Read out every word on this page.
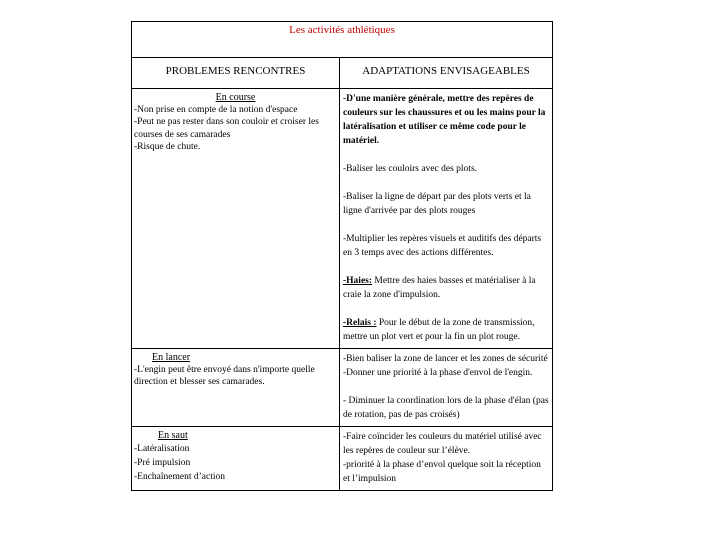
Les activités athlétiques
PROBLEMES RENCONTRES	ADAPTATIONS ENVISAGEABLES
En course
-Non prise en compte de la notion d'espace
-Peut ne pas rester dans son couloir et croiser les courses de ses camarades
-Risque de chute.

-D'une manière générale, mettre des repères de couleurs sur les chaussures et ou les mains pour la latéralisation et utiliser ce même code pour le matériel.

-Baliser les couloirs avec des plots.

-Baliser la ligne de départ par des plots verts et la ligne d'arrivée par des plots rouges

-Multiplier les repères visuels et auditifs des départs en 3 temps avec des actions différentes.

-Haies: Mettre des haies basses et matérialiser à la craie la zone d'impulsion.

-Relais : Pour le début de la zone de transmission, mettre un plot vert et pour la fin un plot rouge.

En lancer
-L'engin peut être envoyé dans n'importe quelle direction et blesser ses camarades.

-Bien baliser la zone de lancer et les zones de sécurité
-Donner une priorité à la phase d'envol de l'engin.

- Diminuer la coordination lors de la phase d'élan (pas de rotation, pas de pas croisés)

En saut
-Latéralisation
-Pré impulsion
-Enchaînement d’action
-Faire coïncider les couleurs du matériel utilisé avec les repères de couleur sur l’élève.
-priorité à la phase d’envol quelque soit la réception et l’impulsion
